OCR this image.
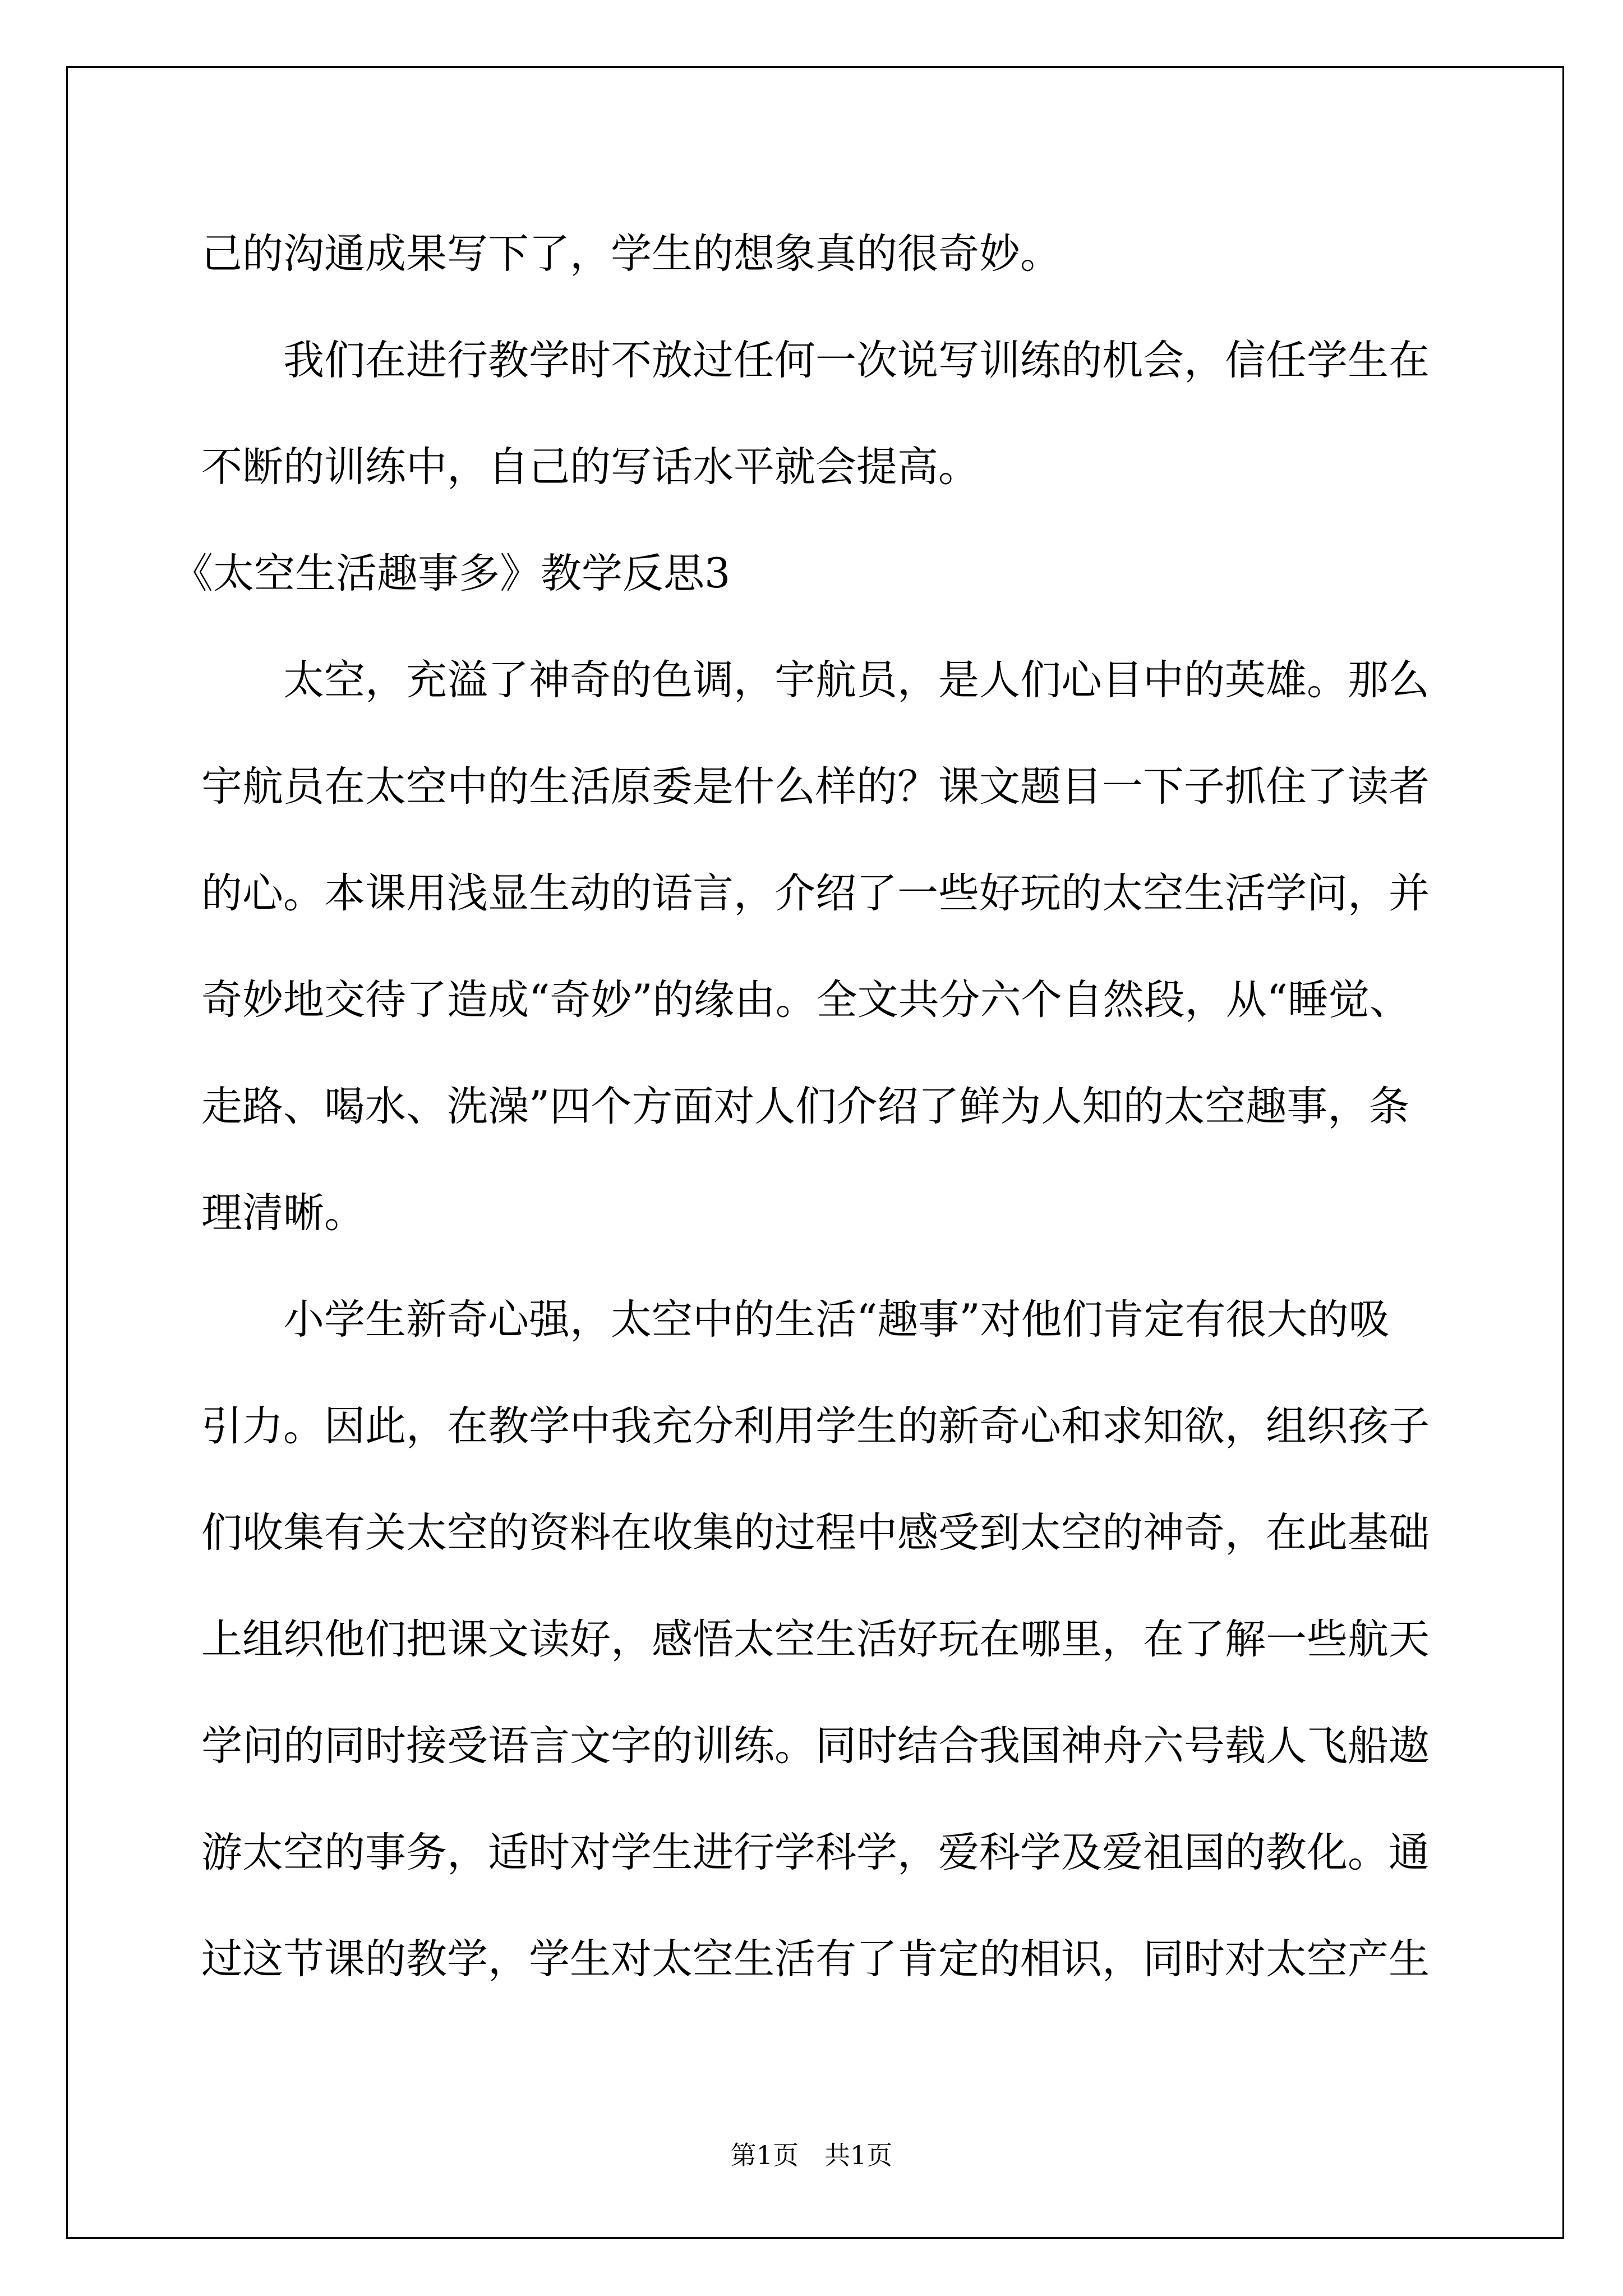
己的沟通成果写下了，学生的想象真的很奇妙。
我们在进行教学时不放过任何一次说写训练的机会，信任学生在
不断的训练中，自己的写话水平就会提高。
《太空生活趣事多》教学反思3
太空，充溢了神奇的色调，宇航员，是人们心目中的英雄。那么
宇航员在太空中的生活原委是什么样的？课文题目一下子抓住了读者
的心。本课用浅显生动的语言，介绍了一些好玩的太空生活学问，并
奇妙地交待了造成“奇妙”的缘由。全文共分六个自然段，从“睡觉、
走路、喝水、洗澡”四个方面对人们介绍了鲜为人知的太空趣事，条
理清晰。
小学生新奇心强，太空中的生活“趣事”对他们肯定有很大的吸
引力。因此，在教学中我充分利用学生的新奇心和求知欲，组织孩子
们收集有关太空的资料在收集的过程中感受到太空的神奇，在此基础
上组织他们把课文读好，感悟太空生活好玩在哪里，在了解一些航天
学问的同时接受语言文字的训练。同时结合我国神舟六号载人飞船遨
游太空的事务，适时对学生进行学科学，爱科学及爱祖国的教化。通
过这节课的教学，学生对太空生活有了肯定的相识，同时对太空产生
第1页　共1页
